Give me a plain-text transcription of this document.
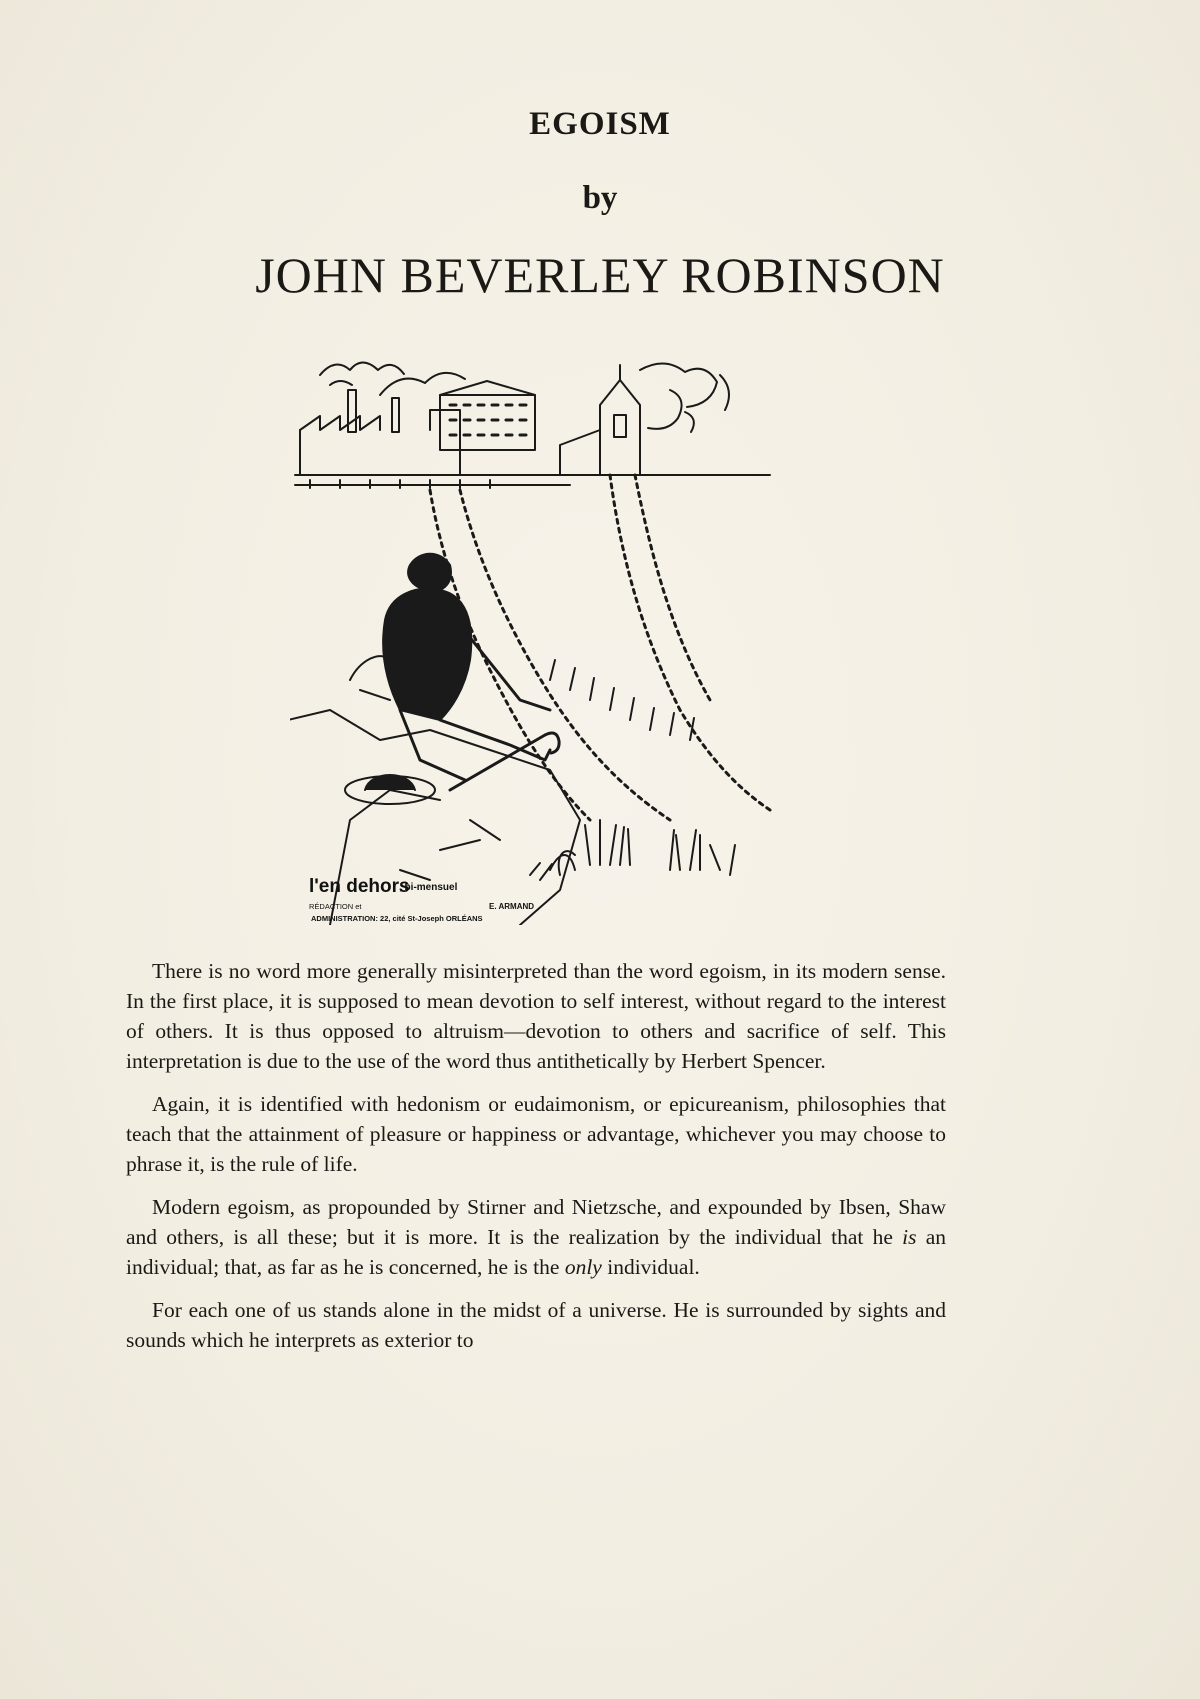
EGOISM
by
JOHN BEVERLEY ROBINSON
l'en dehors
, bi-mensuel
RÉDACTION et	E. ARMAND
ADMINISTRATION: 22, cité St-Joseph ORLÉANS

There is no word more generally misinterpreted than the word egoism, in its modern sense. In the first place, it is supposed to mean devotion to self interest, without regard to the interest of others. It is thus opposed to altruism—devotion to others and sacrifice of self. This interpretation is due to the use of the word thus antithetically by Herbert Spencer.

Again, it is identified with hedonism or eudaimonism, or epicureanism, philosophies that teach that the attainment of pleasure or happiness or advantage, whichever you may choose to phrase it, is the rule of life.

Modern egoism, as propounded by Stirner and Nietzsche, and expounded by Ibsen, Shaw and others, is all these; but it is more. It is the realization by the individual that he is an individual; that, as far as he is concerned, he is the only individual.

For each one of us stands alone in the midst of a universe. He is surrounded by sights and sounds which he interprets as exterior to
